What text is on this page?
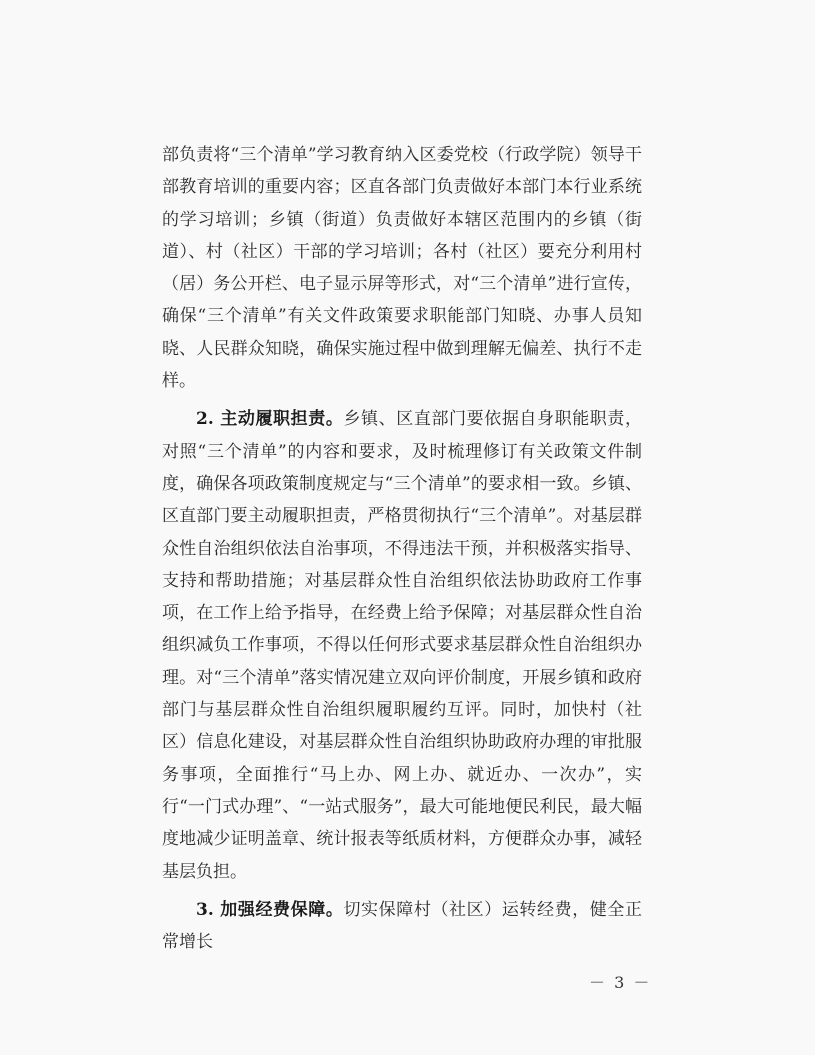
部负责将“三个清单”学习教育纳入区委党校（行政学院）领导干部教育培训的重要内容；区直各部门负责做好本部门本行业系统的学习培训；乡镇（街道）负责做好本辖区范围内的乡镇（街道）、村（社区）干部的学习培训；各村（社区）要充分利用村（居）务公开栏、电子显示屏等形式，对“三个清单”进行宣传，确保“三个清单”有关文件政策要求职能部门知晓、办事人员知晓、人民群众知晓，确保实施过程中做到理解无偏差、执行不走样。

2. 主动履职担责。乡镇、区直部门要依据自身职能职责，对照“三个清单”的内容和要求，及时梳理修订有关政策文件制度，确保各项政策制度规定与“三个清单”的要求相一致。乡镇、区直部门要主动履职担责，严格贯彻执行“三个清单”。对基层群众性自治组织依法自治事项，不得违法干预，并积极落实指导、支持和帮助措施；对基层群众性自治组织依法协助政府工作事项，在工作上给予指导，在经费上给予保障；对基层群众性自治组织减负工作事项，不得以任何形式要求基层群众性自治组织办理。对“三个清单”落实情况建立双向评价制度，开展乡镇和政府部门与基层群众性自治组织履职履约互评。同时，加快村（社区）信息化建设，对基层群众性自治组织协助政府办理的审批服务事项，全面推行“马上办、网上办、就近办、一次办”，实行“一门式办理”、“一站式服务”，最大可能地便民利民，最大幅度地减少证明盖章、统计报表等纸质材料，方便群众办事，减轻基层负担。

3. 加强经费保障。切实保障村（社区）运转经费，健全正常增长

－ 3 －
